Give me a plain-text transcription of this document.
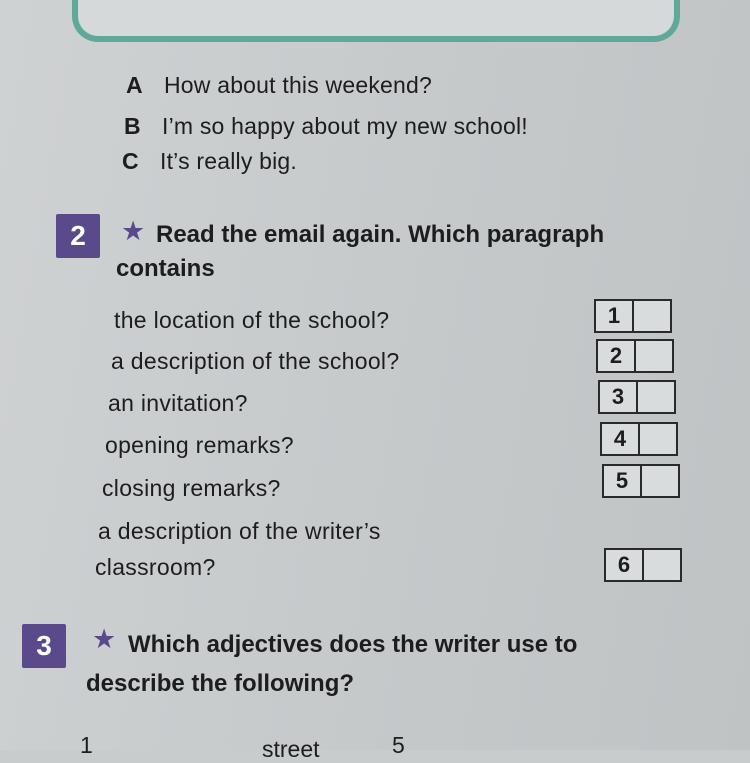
A How about this weekend?
B I’m so happy about my new school!
C It’s really big.
2	★ Read the email again. Which paragraph
contains
the location of the school?	1
a description of the school?	2
an invitation?	3
opening remarks?	4
closing remarks?	5
a description of the writer’s
classroom?	6
3	★ Which adjectives does the writer use to
describe the following?
1	street	5
